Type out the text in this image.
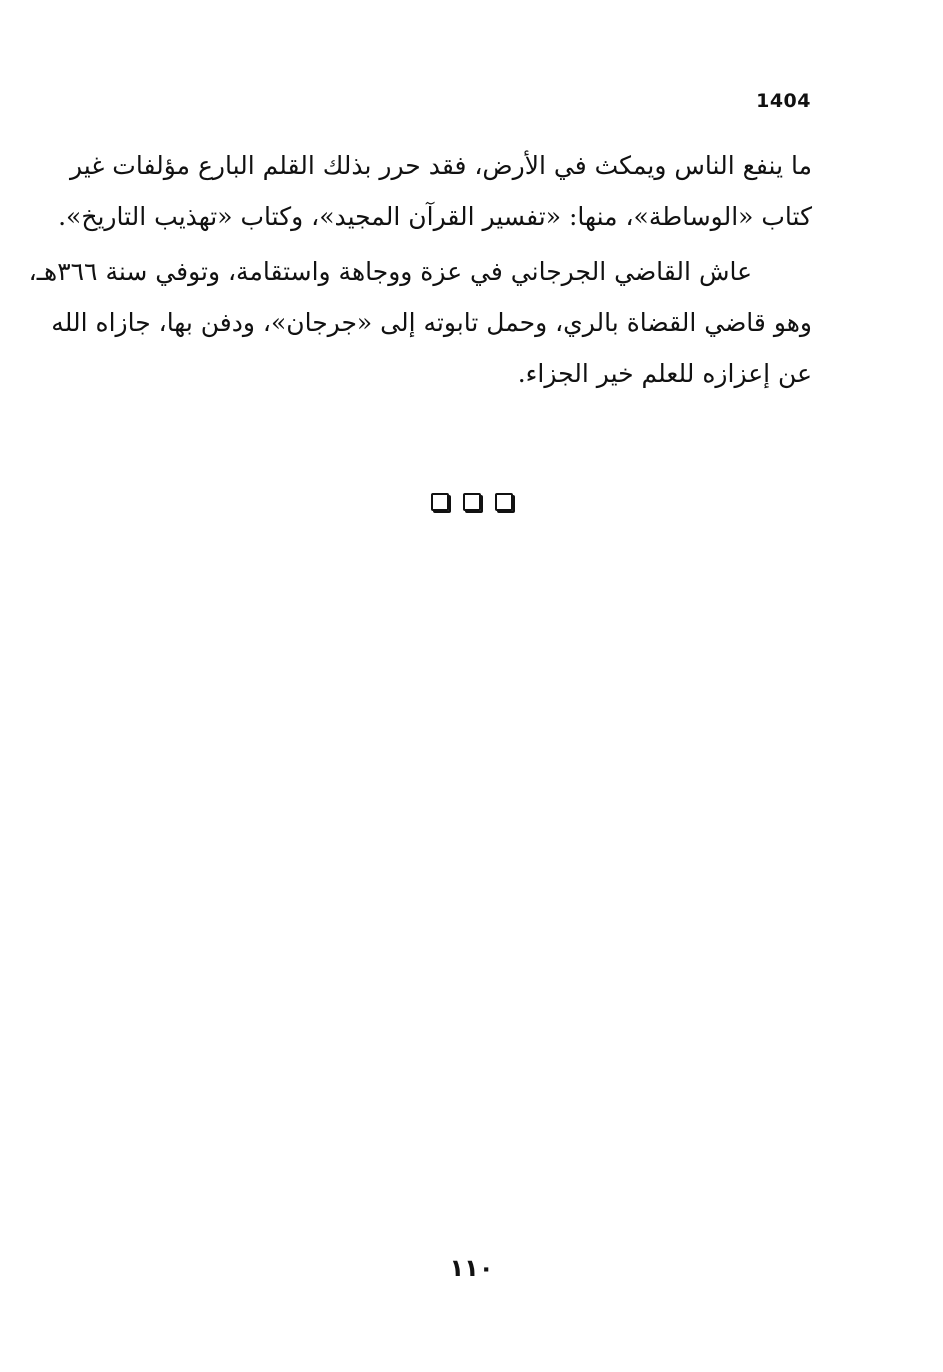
1404
ما ينفع الناس ويمكث في الأرض، فقد حرر بذلك القلم البارع مؤلفات غير
كتاب «الوساطة»، منها: «تفسير القرآن المجيد»، وكتاب «تهذيب التاريخ».
عاش القاضي الجرجاني في عزة ووجاهة واستقامة، وتوفي سنة ٣٦٦هـ،
وهو قاضي القضاة بالري، وحمل تابوته إلى «جرجان»، ودفن بها، جازاه الله
عن إعزازه للعلم خير الجزاء.
١١٠
